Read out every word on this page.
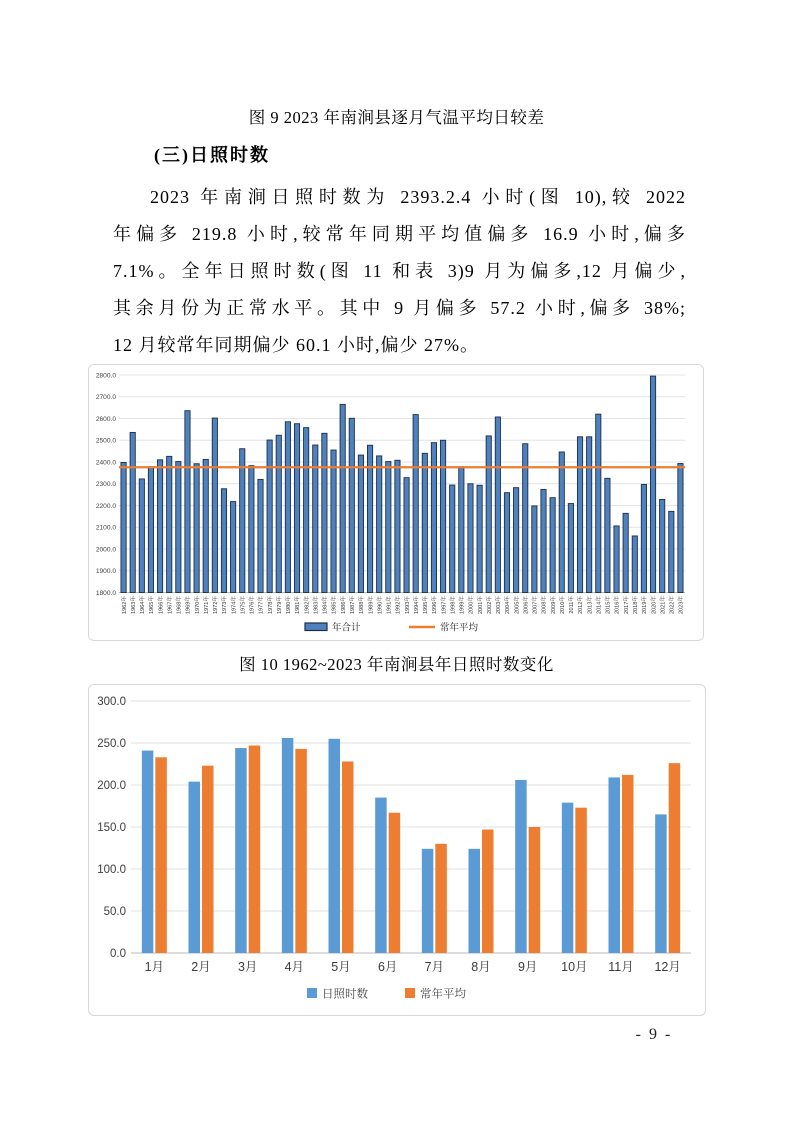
图 9 2023 年南涧县逐月气温平均日较差
(三)日照时数
2023 年南涧日照时数为 2393.2.4 小时(图 10),较 2022
年偏多 219.8 小时,较常年同期平均值偏多 16.9 小时,偏多
7.1%。全年日照时数(图 11 和表 3)9 月为偏多,12 月偏少,
其余月份为正常水平。其中 9 月偏多 57.2 小时,偏多 38%;
12 月较常年同期偏少 60.1 小时,偏少 27%。
1800.0
1900.0
2000.0
2100.0
2200.0
2300.0
2400.0
2500.0
2600.0
2700.0
2800.0
1962年 1963年 1964年 1965年 1966年 1967年 1968年 1969年 1970年 1971年 1972年 1973年 1974年 1975年 1976年 1977年 1978年 1979年 1980年 1981年 1982年 1983年 1984年 1985年 1986年 1987年 1988年 1989年 1990年 1991年 1992年 1993年 1994年 1995年 1996年 1997年 1998年 1999年 2000年 2001年 2002年 2003年 2004年 2005年 2006年 2007年 2008年 2009年 2010年 2011年 2012年 2013年 2014年 2015年 2016年 2017年 2018年 2019年 2020年 2021年 2022年 2023年
年合计	常年平均
图 10 1962~2023 年南涧县年日照时数变化
0.0
50.0
100.0
150.0
200.0
250.0
300.0
1月 2月 3月 4月 5月 6月 7月 8月 9月 10月 11月 12月
日照时数	常年平均
- 9 -
